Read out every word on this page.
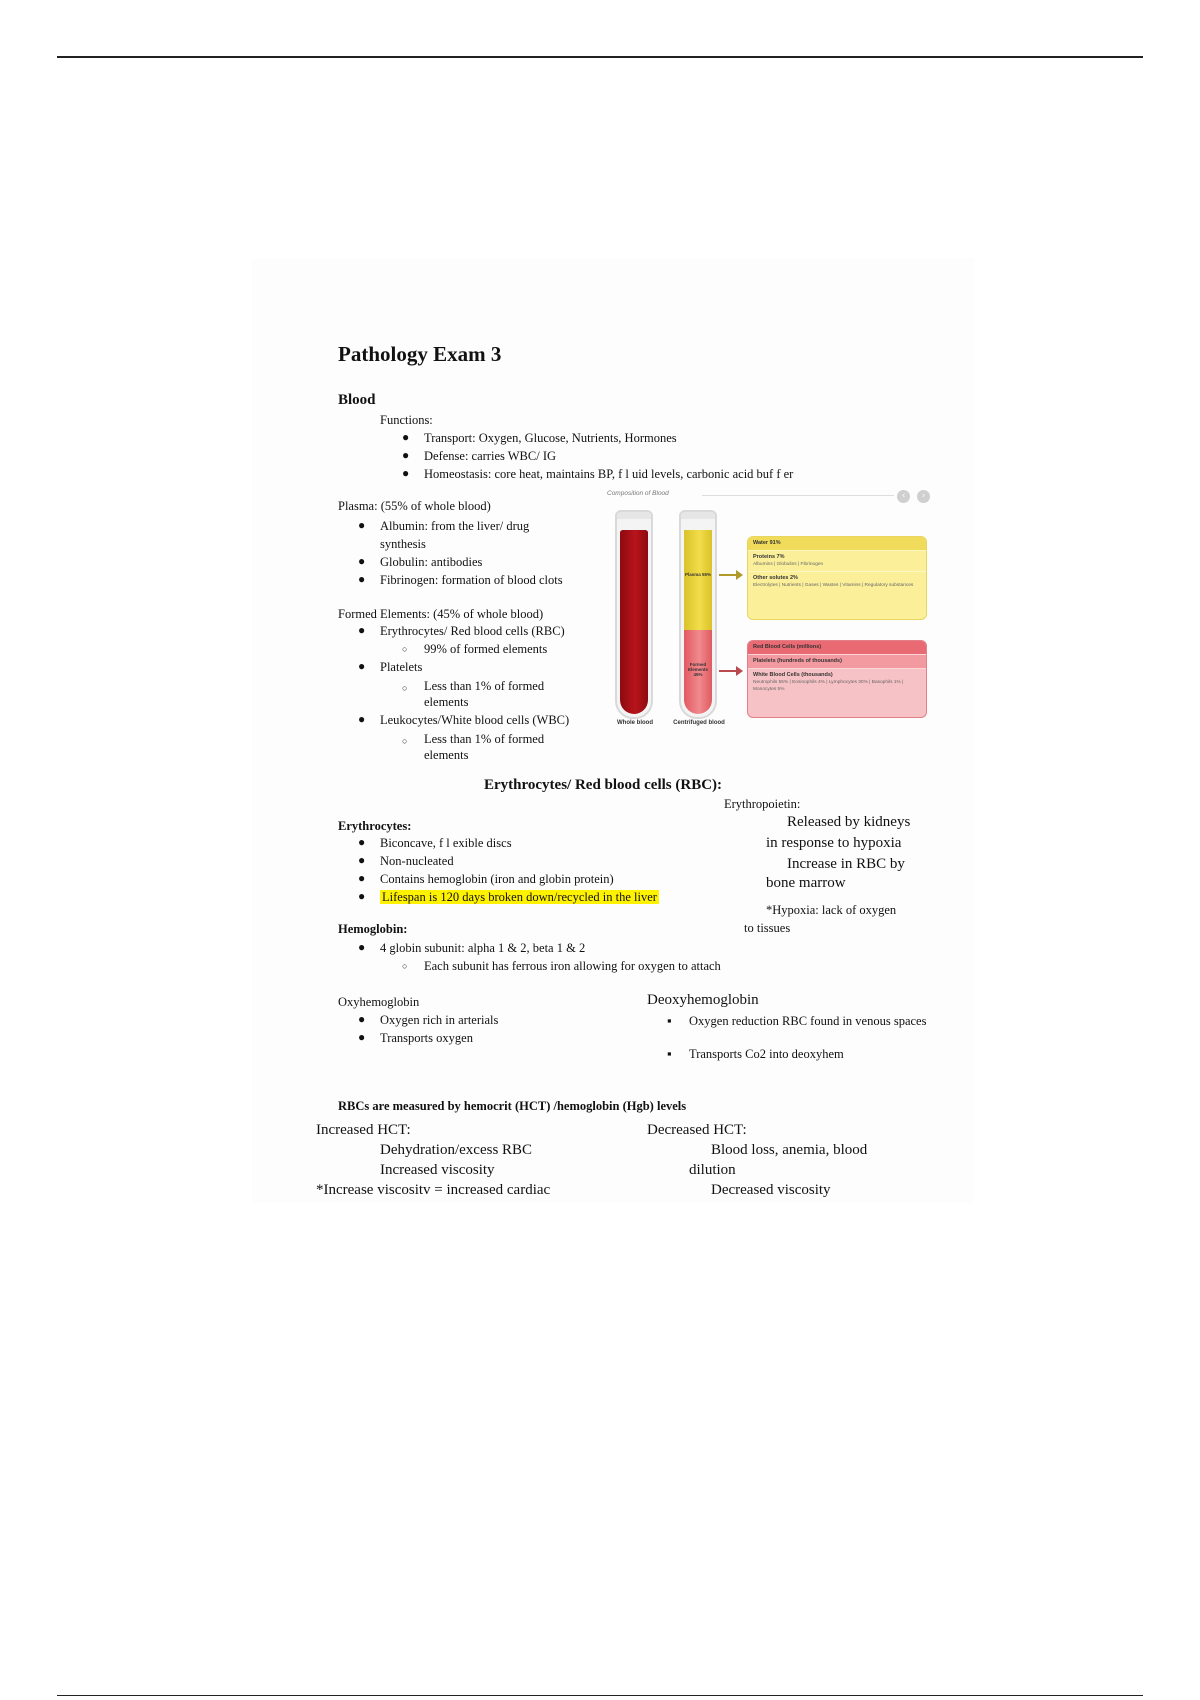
Pathology Exam 3
Blood
Functions:
● Transport: Oxygen, Glucose, Nutrients, Hormones
● Defense: carries WBC/ IG
● Homeostasis: core heat, maintains BP, f l uid levels, carbonic acid buf f er
Plasma: (55% of whole blood)
● Albumin: from the liver/ drug synthesis
● Globulin: antibodies
● Fibrinogen: formation of blood clots
Formed Elements: (45% of whole blood)
● Erythrocytes/ Red blood cells (RBC)
○ 99% of formed elements
● Platelets
○ Less than 1% of formed elements
● Leukocytes/White blood cells (WBC)
○ Less than 1% of formed elements
Composition of Blood	‹	›
Whole blood
Plasma 55%
Formed Elements 45%
Centrifuged blood
Water 91%
Proteins 7%
Albumins | Globulins | Fibrinogen
Other solutes 2%
Electrolytes | Nutrients | Gases | Wastes | Vitamins | Regulatory substances
Red Blood Cells (millions)
Platelets (hundreds of thousands)
White Blood Cells (thousands)
Neutrophils 55% | Eosinophils 4% | Lymphocytes 30% | Basophils 1% | Monocytes 5%
Erythrocytes/ Red blood cells (RBC):
Erythropoietin:
Released by kidneys
in response to hypoxia
Increase in RBC by
bone marrow
*Hypoxia: lack of oxygen
to tissues
Erythrocytes:
● Biconcave, f l exible discs
● Non-nucleated
● Contains hemoglobin (iron and globin protein)
● Lifespan is 120 days broken down/recycled in the liver
Hemoglobin:
● 4 globin subunit: alpha 1 & 2, beta 1 & 2
○ Each subunit has ferrous iron allowing for oxygen to attach
Oxyhemoglobin
● Oxygen rich in arterials
● Transports oxygen
Deoxyhemoglobin
▪ Oxygen reduction RBC found in venous spaces
▪ Transports Co2 into deoxyhem
RBCs are measured by hemocrit (HCT) /hemoglobin (Hgb) levels
Increased HCT:
Dehydration/excess RBC
Increased viscosity
*Increase viscositv = increased cardiac
Decreased HCT:
Blood loss, anemia, blood
dilution
Decreased viscosity
